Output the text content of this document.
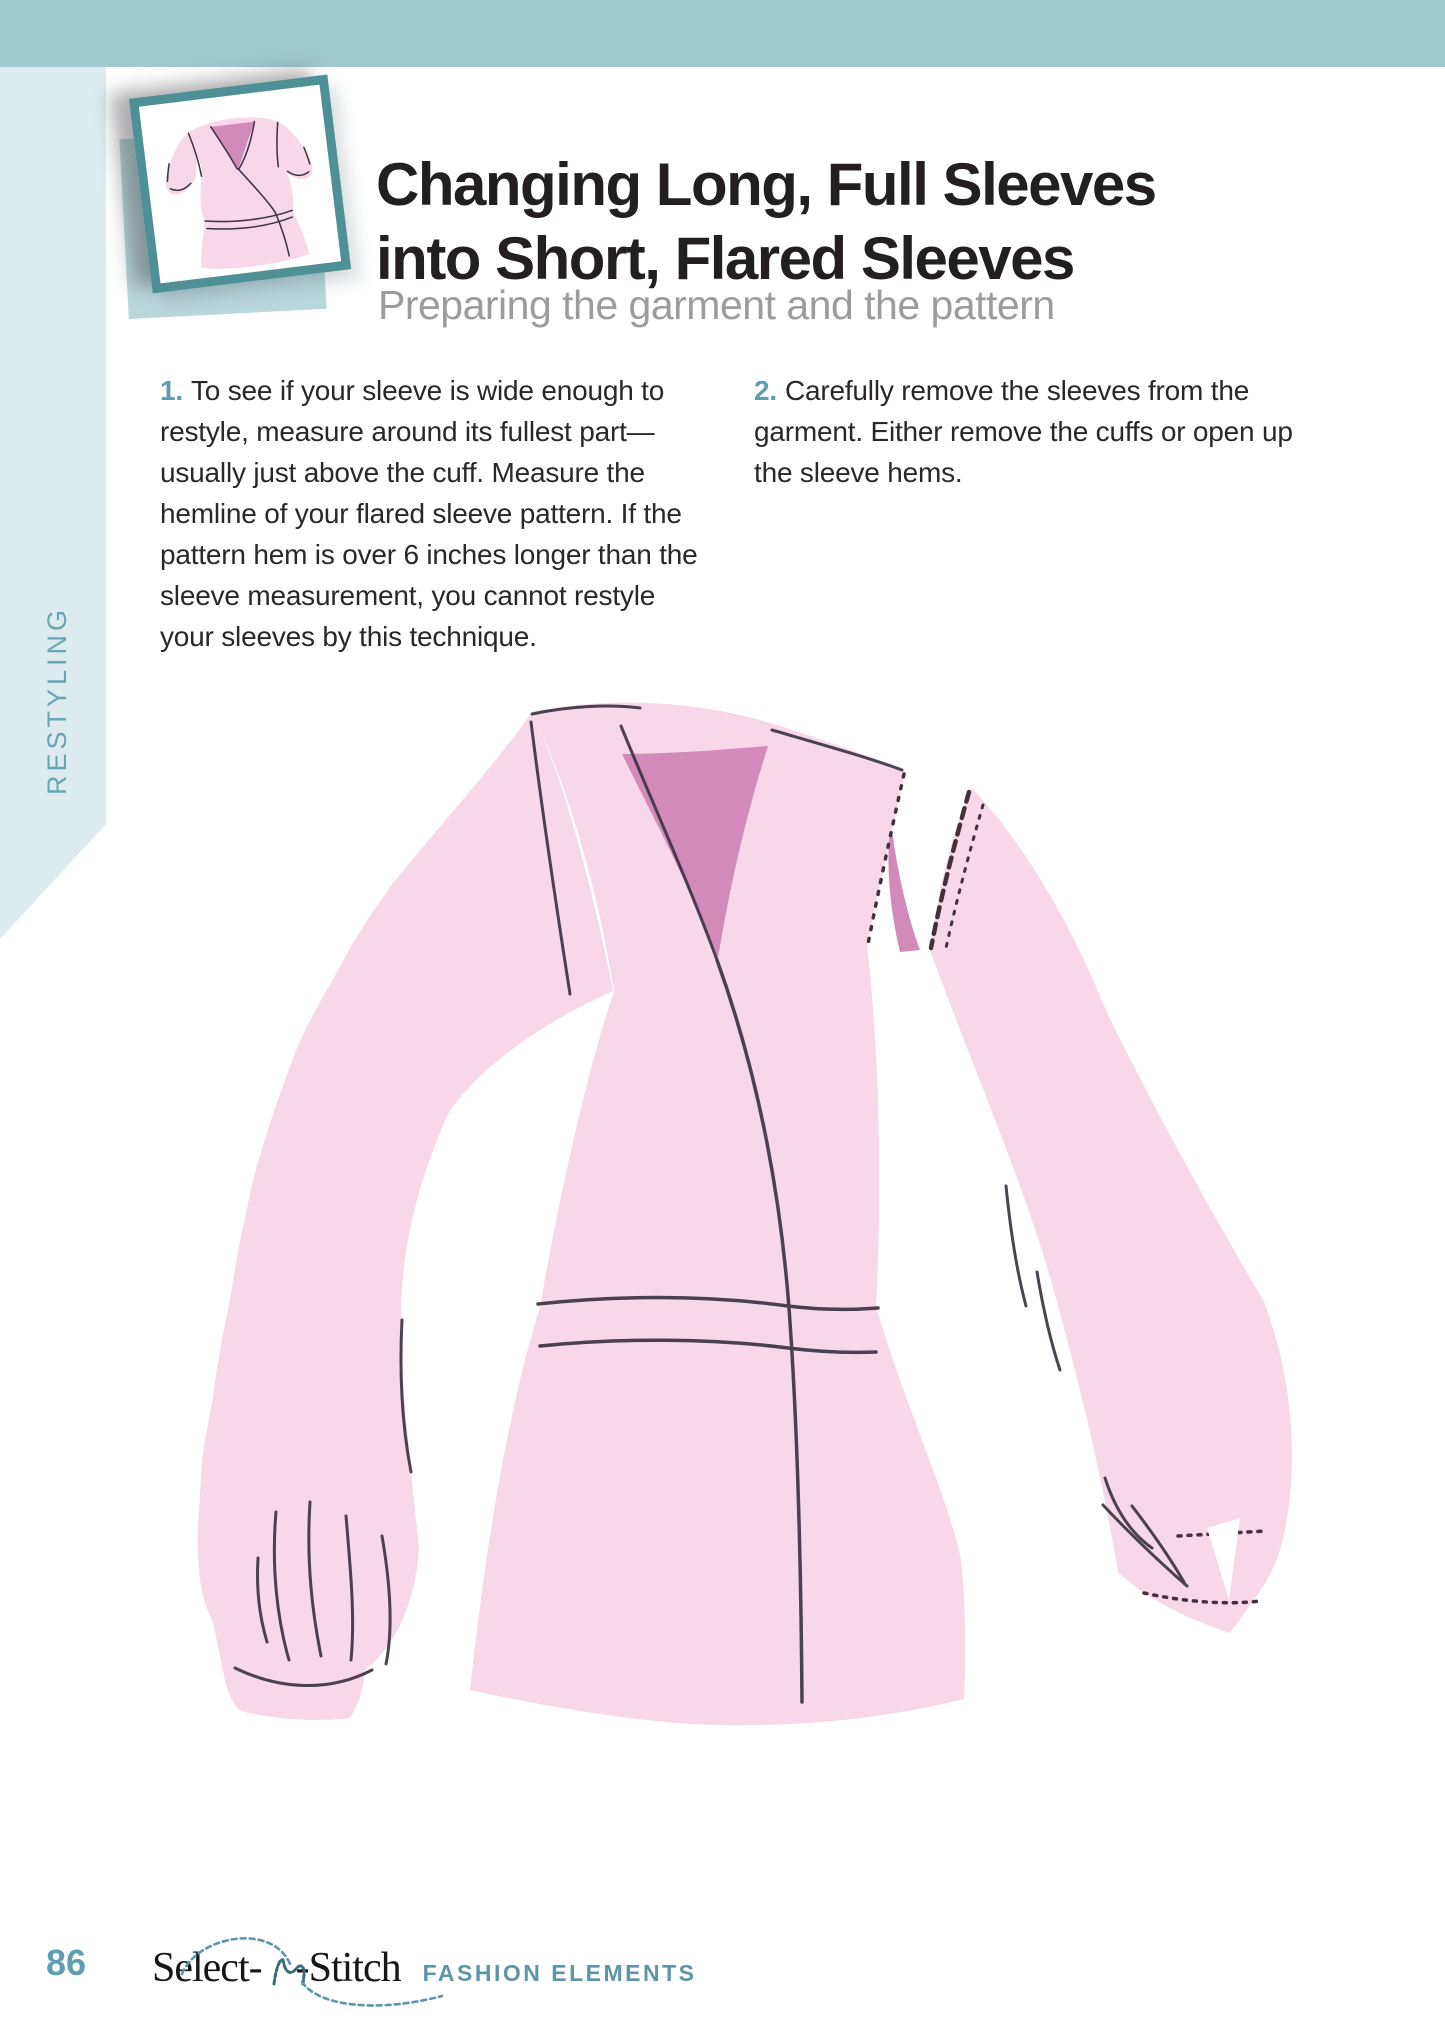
RESTYLING
Changing Long, Full Sleeves
into Short, Flared Sleeves
Preparing the garment and the pattern

1. To see if your sleeve is wide enough to restyle, measure around its fullest part—usually just above the cuff. Measure the hemline of your flared sleeve pattern. If the pattern hem is over 6 inches longer than the sleeve measurement, you cannot restyle your sleeves by this technique.

2. Carefully remove the sleeves from the garment. Either remove the cuffs or open up the sleeve hems.

86 Select- -Stitch FASHION ELEMENTS
